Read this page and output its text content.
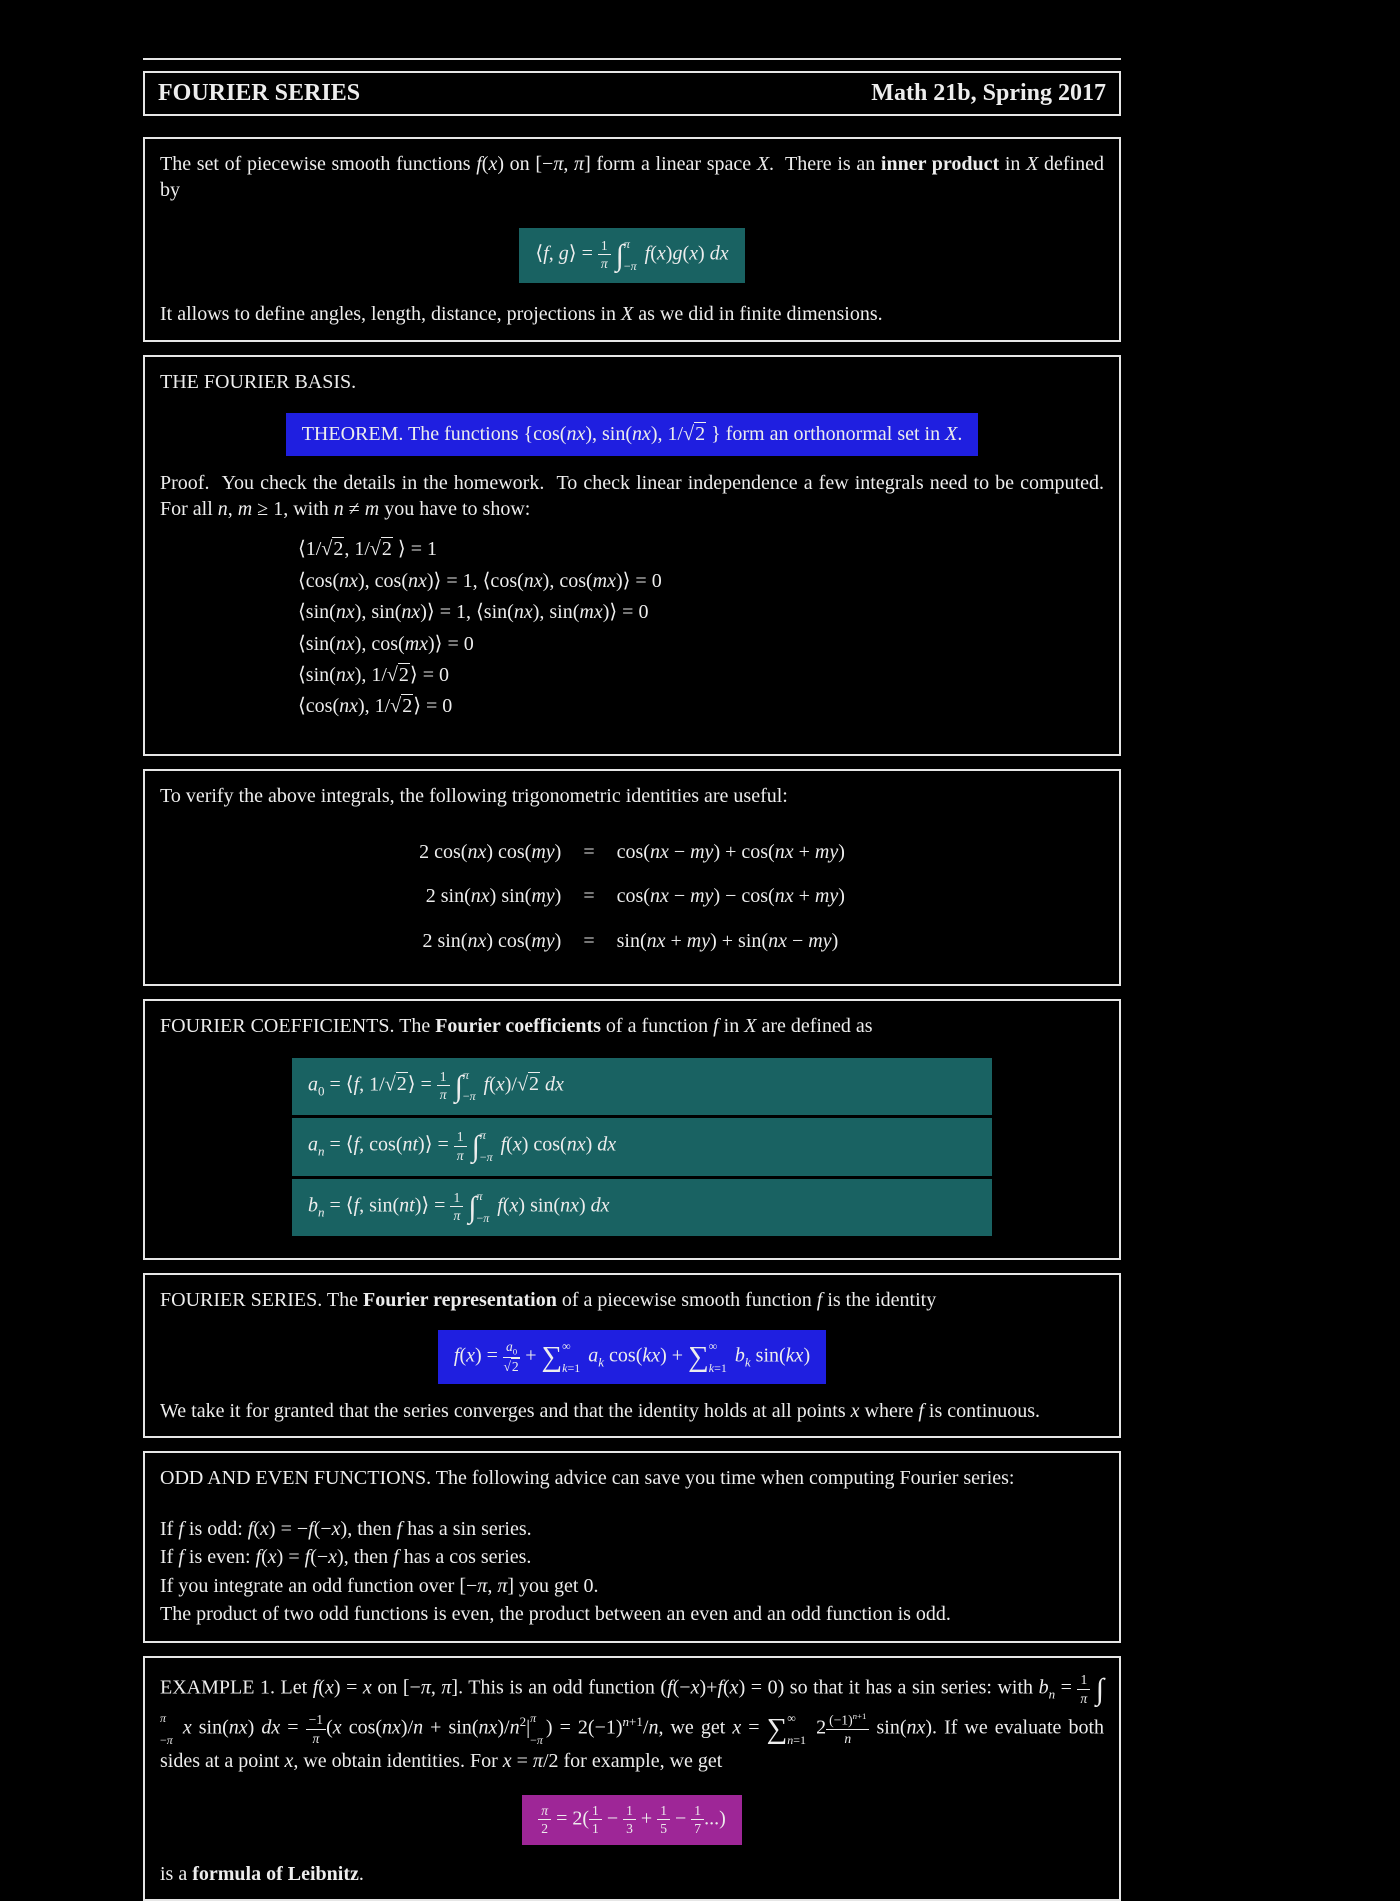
FOURIER SERIES	Math 21b, Spring 2017

The set of piecewise smooth functions f(x) on [−π, π] form a linear space X.  There is an inner product in X defined by

⟨f, g⟩ = $\frac{1}{\pi}$ ∫ π
−π
f(x)g(x) dx

It allows to define angles, length, distance, projections in X as we did in finite dimensions.

THE FOURIER BASIS.

THEOREM. The functions {cos(nx), sin(nx), 1/√2 } form an orthonormal set in X.

Proof.  You check the details in the homework.  To check linear independence a few integrals need to be computed. For all n, m ≥ 1, with n ≠ m you have to show:

⟨1/√2, 1/√2 ⟩ = 1
⟨cos(nx), cos(nx)⟩ = 1, ⟨cos(nx), cos(mx)⟩ = 0
⟨sin(nx), sin(nx)⟩ = 1, ⟨sin(nx), sin(mx)⟩ = 0
⟨sin(nx), cos(mx)⟩ = 0
⟨sin(nx), 1/√2⟩ = 0
⟨cos(nx), 1/√2⟩ = 0

To verify the above integrals, the following trigonometric identities are useful:

2 cos(nx) cos(my) = cos(nx − my) + cos(nx + my)
2 sin(nx) sin(my) = cos(nx − my) − cos(nx + my)
2 sin(nx) cos(my) = sin(nx + my) + sin(nx − my)

FOURIER COEFFICIENTS. The Fourier coefficients of a function f in X are defined as

$a_0$ = ⟨f, 1/√2⟩ = $\frac{1}{\pi}$ ∫ π
−π
f(x)/√2 dx
$a_n$ = ⟨f, cos(nt)⟩ = $\frac{1}{\pi}$ ∫ π
−π
f(x) cos(nx) dx
$b_n$ = ⟨f, sin(nt)⟩ = $\frac{1}{\pi}$ ∫ π
−π
f(x) sin(nx) dx

FOURIER SERIES. The Fourier representation of a piecewise smooth function f is the identity

$f(x) = \frac{a_0}{√2}$ + ∑ ∞
k=1
$a_k$ cos(kx) + ∑ ∞
k=1
$b_k$ sin(kx)

We take it for granted that the series converges and that the identity holds at all points x where f is continuous.

ODD AND EVEN FUNCTIONS. The following advice can save you time when computing Fourier series:

If f is odd: f(x) = −f(−x), then f has a sin series.

If f is even: f(x) = f(−x), then f has a cos series.

If you integrate an odd function over [−π, π] you get 0.

The product of two odd functions is even, the product between an even and an odd function is odd.

EXAMPLE 1. Let f(x) = x on [−π, π]. This is an odd function (f(−x)+f(x) = 0) so that it has a sin series: with $b_n = \frac{1}{\pi}$ ∫
π
−π
x sin(nx) dx = $\frac{-1}{\pi} (x$ $\cos(nx)/n + \sin(nx)/n^2|$ π
−π
) = $2(-1)^{n+1}/n$, we get x = ∑ ∞
n=1
$2 \frac{(-1)^{n+1}}{n} \sin(nx)$. If we evaluate both sides at a point x, we obtain identities. For x = π/2 for example, we get

$\frac{\pi}{2} = 2( \frac{1}{1} - \frac{1}{3} + \frac{1}{5} - \frac{1}{7}$ ...)

is a formula of Leibnitz.
